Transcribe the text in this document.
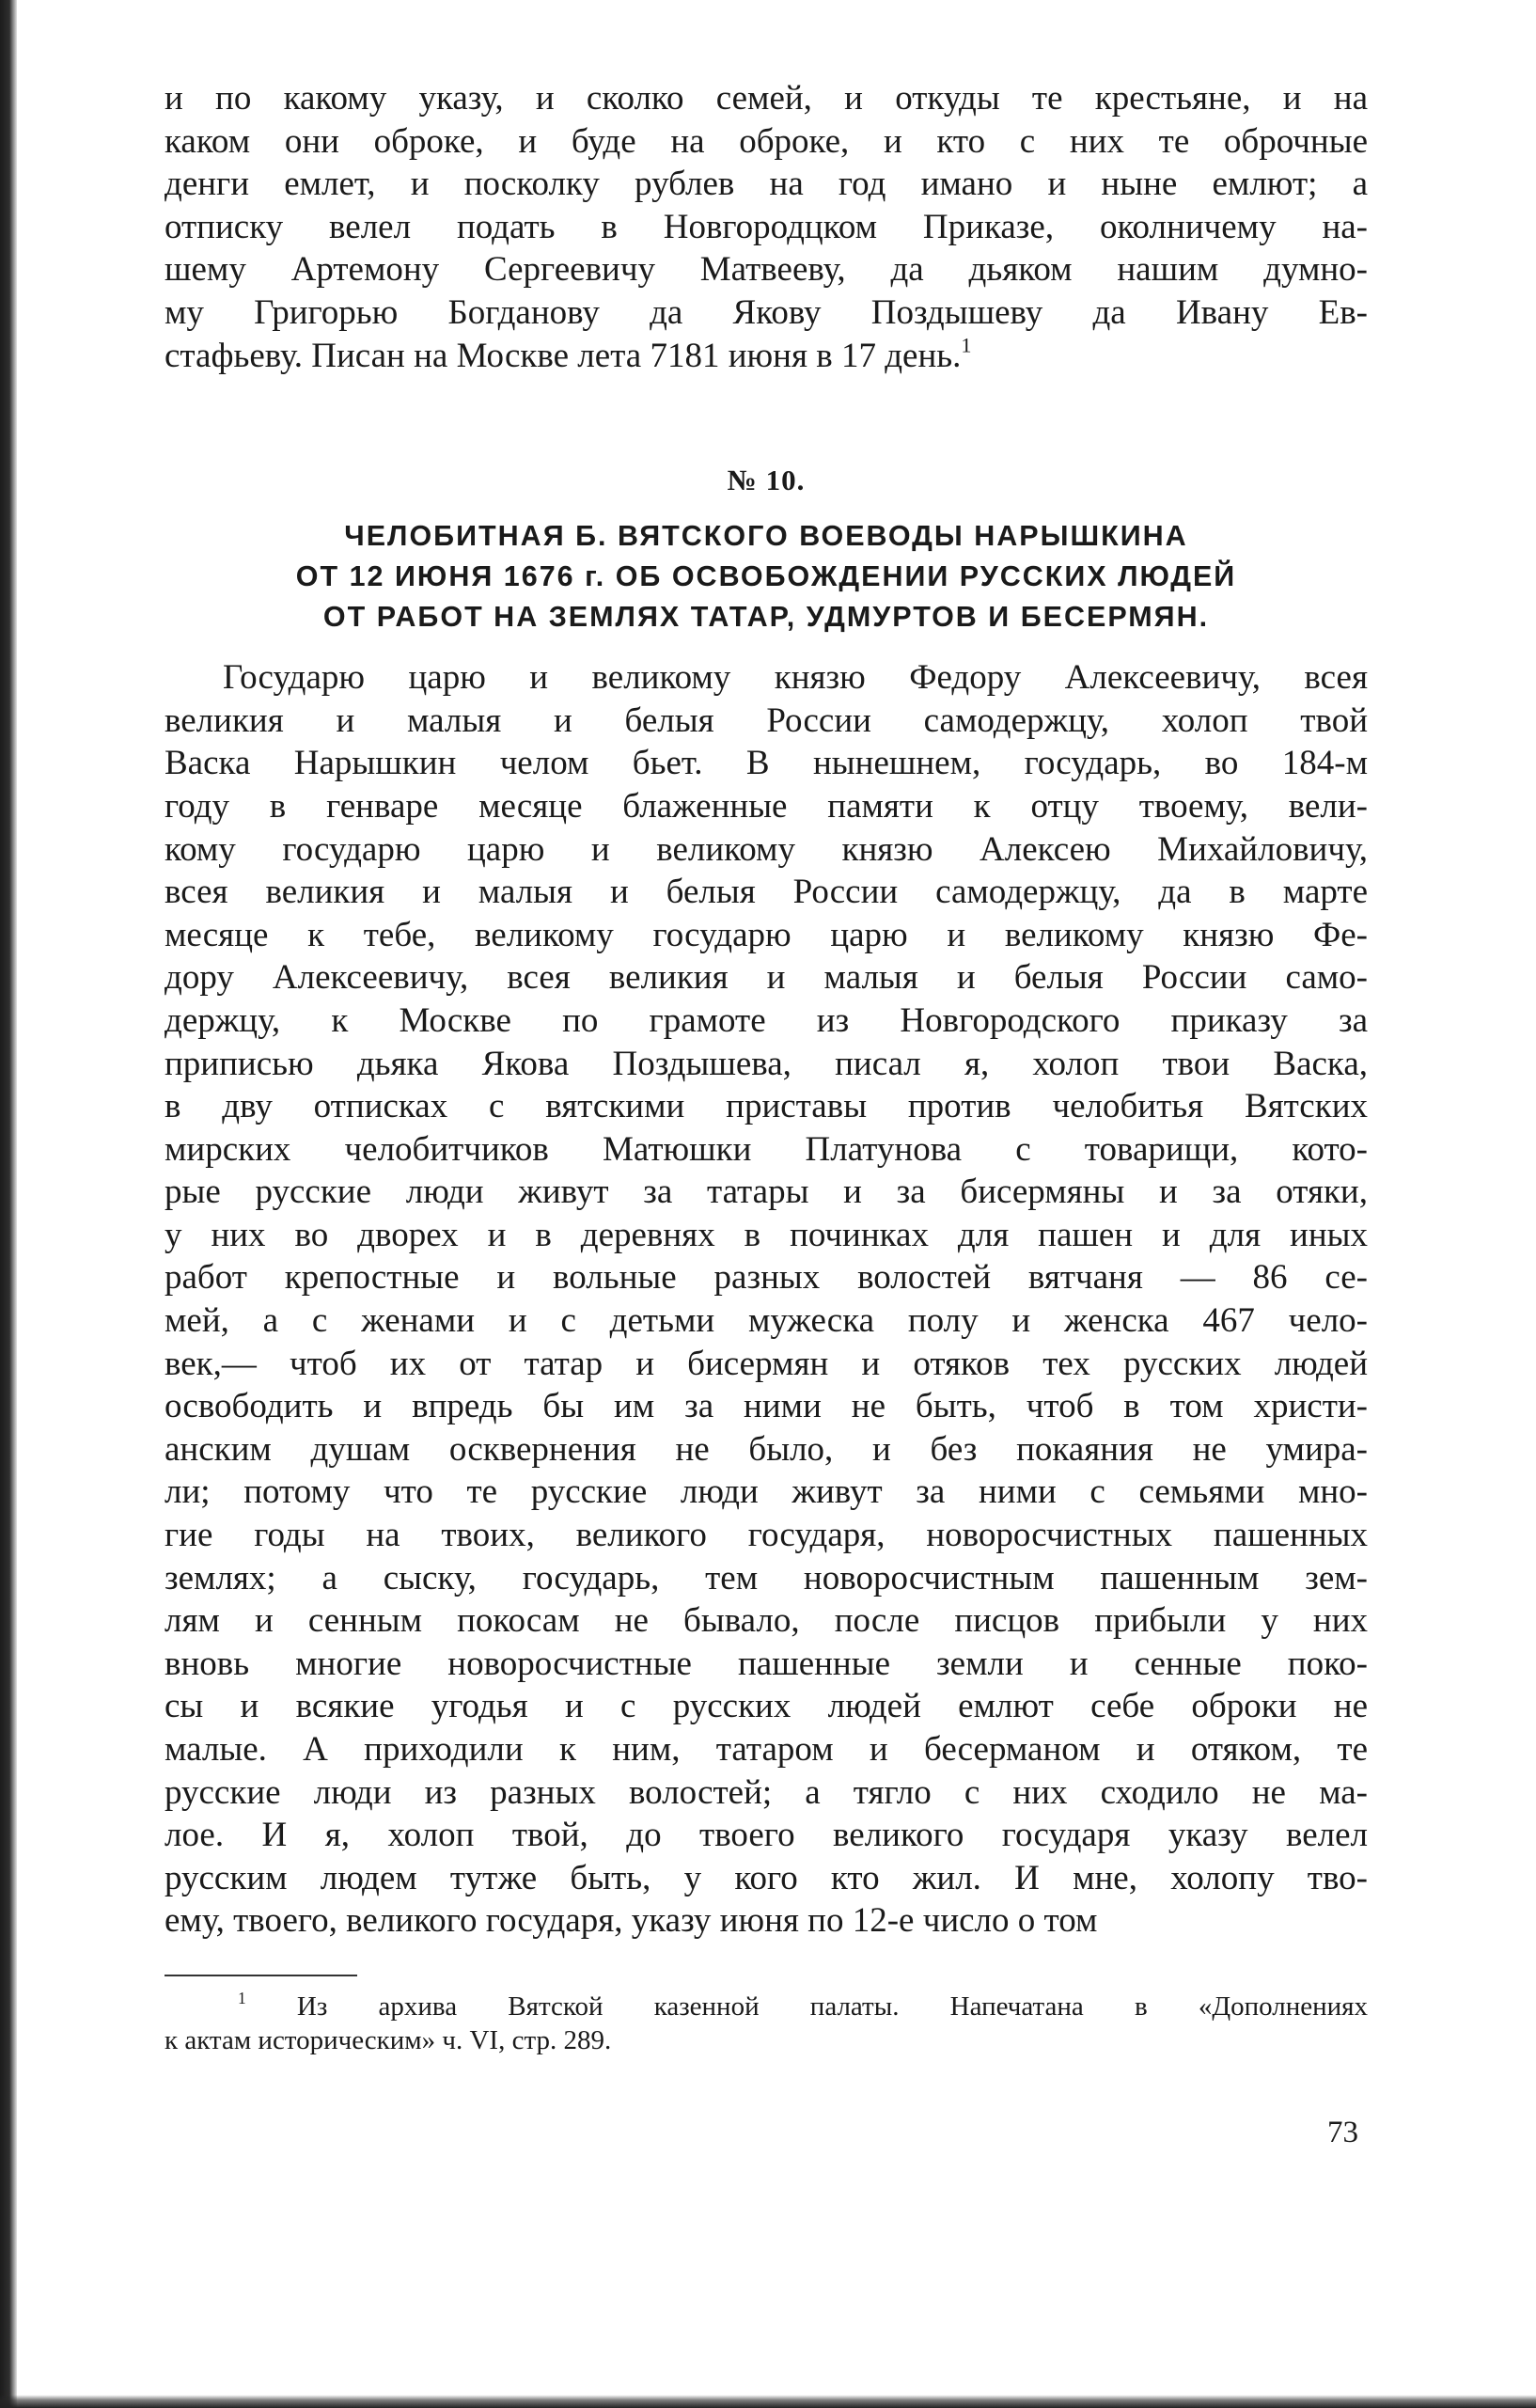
и по какому указу, и сколко семей, и откуды те крестьяне, и на
каком они оброке, и буде на оброке, и кто с них те оброчные
денги емлет, и посколку рублев на год имано и ныне емлют; а
отписку велел подать в Новгородцком Приказе, околничему на-
шему Артемону Сергеевичу Матвееву, да дьяком нашим думно-
му Григорью Богданову да Якову Поздышеву да Ивану Ев-
стафьеву. Писан на Москве лета 7181 июня в 17 день.$^1$
№ 10.
ЧЕЛОБИТНАЯ Б. ВЯТСКОГО ВОЕВОДЫ НАРЫШКИНА
ОТ 12 ИЮНЯ 1676 г. ОБ ОСВОБОЖДЕНИИ РУССКИХ ЛЮДЕЙ
ОТ РАБОТ НА ЗЕМЛЯХ ТАТАР, УДМУРТОВ И БЕСЕРМЯН.
Государю царю и великому князю Федору Алексеевичу, всея
великия и малыя и белыя России самодержцу, холоп твой
Васка Нарышкин челом бьет. В нынешнем, государь, во 184-м
году в генваре месяце блаженные памяти к отцу твоему, вели-
кому государю царю и великому князю Алексею Михайловичу,
всея великия и малыя и белыя России самодержцу, да в марте
месяце к тебе, великому государю царю и великому князю Фе-
дору Алексеевичу, всея великия и малыя и белыя России само-
держцу, к Москве по грамоте из Новгородского приказу за
приписью дьяка Якова Поздышева, писал я, холоп твои Васка,
в дву отписках с вятскими приставы против челобитья Вятских
мирских челобитчиков Матюшки Платунова с товарищи, кото-
рые русские люди живут за татары и за бисермяны и за отяки,
у них во дворех и в деревнях в починках для пашен и для иных
работ крепостные и вольные разных волостей вятчаня — 86 се-
мей, а с женами и с детьми мужеска полу и женска 467 чело-
век,— чтоб их от татар и бисермян и отяков тех русских людей
освободить и впредь бы им за ними не быть, чтоб в том христи-
анским душам осквернения не было, и без покаяния не умира-
ли; потому что те русские люди живут за ними с семьями мно-
гие годы на твоих, великого государя, новоросчистных пашенных
землях; а сыску, государь, тем новоросчистным пашенным зем-
лям и сенным покосам не бывало, после писцов прибыли у них
вновь многие новоросчистные пашенные земли и сенные поко-
сы и всякие угодья и с русских людей емлют себе оброки не
малые. А приходили к ним, татаром и бесерманом и отяком, те
русские люди из разных волостей; а тягло с них сходило не ма-
лое. И я, холоп твой, до твоего великого государя указу велел
русским людем тутже быть, у кого кто жил. И мне, холопу тво-
ему, твоего, великого государя, указу июня по 12-е число о том
$^1$ Из архива Вятской казенной палаты. Напечатана в «Дополнениях
к актам историческим» ч. VI, стр. 289.
73
